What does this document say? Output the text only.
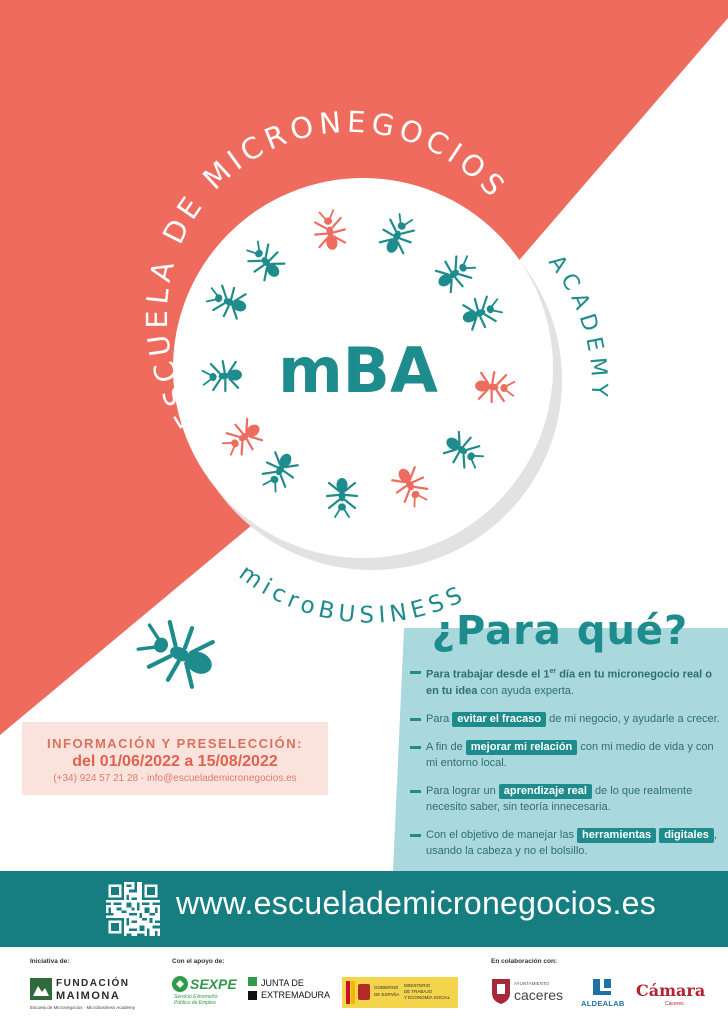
ESCUELA DE MICRONEGOCIOS
ACADEMY
microBUSINESS
mBA
¿Para qué?
Para trabajar desde el 1er día en tu micronegocio real o en tu idea con ayuda experta.
Para evitar el fracaso de mi negocio, y ayudarle a crecer.
A fin de mejorar mi relación con mi medio de vida y con mi entorno local.
Para lograr un aprendizaje real de lo que realmente necesito saber, sin teoría innecesaria.
Con el objetivo de manejar las herramientas digitales , usando la cabeza y no el bolsillo.
INFORMACIÓN Y PRESELECCIÓN:
del 01/06/2022 a 15/08/2022
(+34) 924 57 21 28 · info@escuelademicronegocios.es
www.escuelademicronegocios.es
Iniciativa de:	Con el apoyo de:	En colaboración con:
FUNDACIÓN
MAIMONA
Escuela de Micronegocios · Microbusiness Academy
SEXPE
Servicio Extremeño
Público de Empleo
JUNTA DE
EXTREMADURA
GOBIERNO
DE ESPAÑA
MINISTERIO
DE TRABAJO
Y ECONOMÍA SOCIAL
AYUNTAMIENTO
caceres
ALDEALAB
Cámara
Cáceres
